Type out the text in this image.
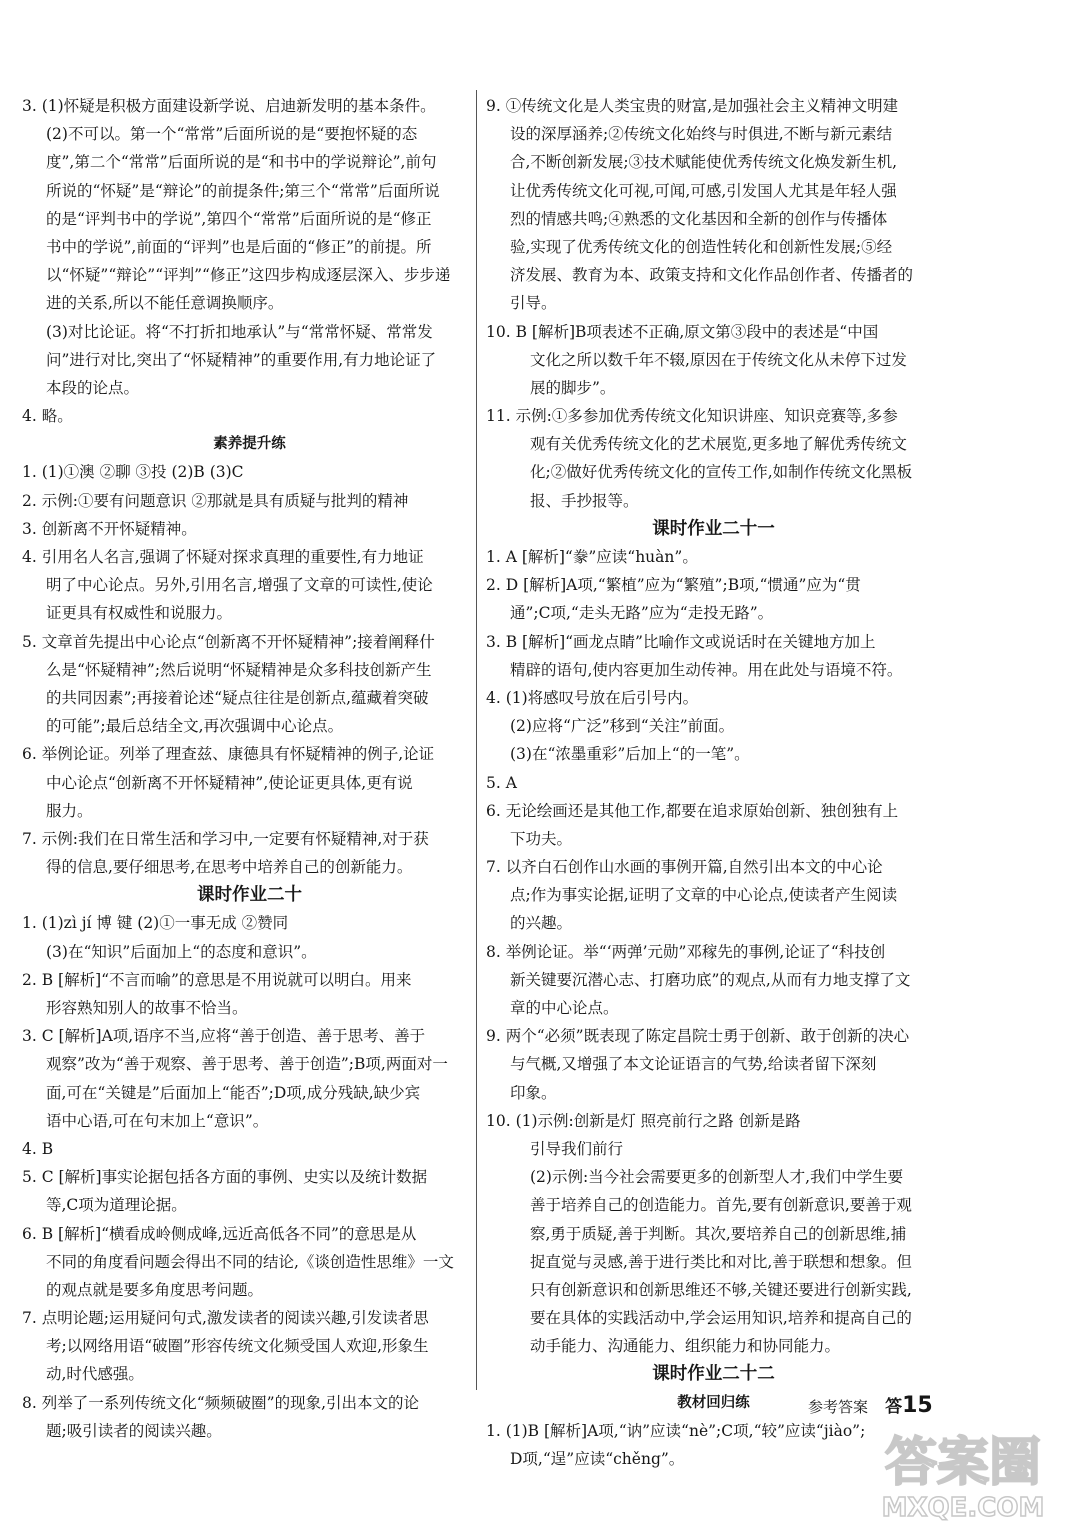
3. (1)怀疑是积极方面建设新学说、启迪新发明的基本条件。
(2)不可以。第一个“常常”后面所说的是“要抱怀疑的态
度”,第二个“常常”后面所说的是“和书中的学说辩论”,前句
所说的“怀疑”是“辩论”的前提条件;第三个“常常”后面所说
的是“评判书中的学说”,第四个“常常”后面所说的是“修正
书中的学说”,前面的“评判”也是后面的“修正”的前提。所
以“怀疑”“辩论”“评判”“修正”这四步构成逐层深入、步步递
进的关系,所以不能任意调换顺序。
(3)对比论证。将“不打折扣地承认”与“常常怀疑、常常发
问”进行对比,突出了“怀疑精神”的重要作用,有力地论证了
本段的论点。
4. 略。
素养提升练
1. (1)①澳 ②聊 ③投 (2)B (3)C
2. 示例:①要有问题意识 ②那就是具有质疑与批判的精神
3. 创新离不开怀疑精神。
4. 引用名人名言,强调了怀疑对探求真理的重要性,有力地证
明了中心论点。另外,引用名言,增强了文章的可读性,使论
证更具有权威性和说服力。
5. 文章首先提出中心论点“创新离不开怀疑精神”;接着阐释什
么是“怀疑精神”;然后说明“怀疑精神是众多科技创新产生
的共同因素”;再接着论述“疑点往往是创新点,蕴藏着突破
的可能”;最后总结全文,再次强调中心论点。
6. 举例论证。列举了理查兹、康德具有怀疑精神的例子,论证
中心论点“创新离不开怀疑精神”,使论证更具体,更有说
服力。
7. 示例:我们在日常生活和学习中,一定要有怀疑精神,对于获
得的信息,要仔细思考,在思考中培养自己的创新能力。
课时作业二十
1. (1)zì jí 博 键 (2)①一事无成 ②赞同
(3)在“知识”后面加上“的态度和意识”。
2. B [解析]“不言而喻”的意思是不用说就可以明白。用来
形容熟知别人的故事不恰当。
3. C [解析]A项,语序不当,应将“善于创造、善于思考、善于
观察”改为“善于观察、善于思考、善于创造”;B项,两面对一
面,可在“关键是”后面加上“能否”;D项,成分残缺,缺少宾
语中心语,可在句末加上“意识”。
4. B
5. C [解析]事实论据包括各方面的事例、史实以及统计数据
等,C项为道理论据。
6. B [解析]“横看成岭侧成峰,远近高低各不同”的意思是从
不同的角度看问题会得出不同的结论,《谈创造性思维》一文
的观点就是要多角度思考问题。
7. 点明论题;运用疑问句式,激发读者的阅读兴趣,引发读者思
考;以网络用语“破圈”形容传统文化频受国人欢迎,形象生
动,时代感强。
8. 列举了一系列传统文化“频频破圈”的现象,引出本文的论
题;吸引读者的阅读兴趣。
9. ①传统文化是人类宝贵的财富,是加强社会主义精神文明建
设的深厚涵养;②传统文化始终与时俱进,不断与新元素结
合,不断创新发展;③技术赋能使优秀传统文化焕发新生机,
让优秀传统文化可视,可闻,可感,引发国人尤其是年轻人强
烈的情感共鸣;④熟悉的文化基因和全新的创作与传播体
验,实现了优秀传统文化的创造性转化和创新性发展;⑤经
济发展、教育为本、政策支持和文化作品创作者、传播者的
引导。
10. B [解析]B项表述不正确,原文第③段中的表述是“中国
文化之所以数千年不辍,原因在于传统文化从未停下过发
展的脚步”。
11. 示例:①多参加优秀传统文化知识讲座、知识竞赛等,多参
观有关优秀传统文化的艺术展览,更多地了解优秀传统文
化;②做好优秀传统文化的宣传工作,如制作传统文化黑板
报、手抄报等。
课时作业二十一
1. A [解析]“豢”应读“huàn”。
2. D [解析]A项,“繁植”应为“繁殖”;B项,“惯通”应为“贯
通”;C项,“走头无路”应为“走投无路”。
3. B [解析]“画龙点睛”比喻作文或说话时在关键地方加上
精辟的语句,使内容更加生动传神。用在此处与语境不符。
4. (1)将感叹号放在后引号内。
(2)应将“广泛”移到“关注”前面。
(3)在“浓墨重彩”后加上“的一笔”。
5. A
6. 无论绘画还是其他工作,都要在追求原始创新、独创独有上
下功夫。
7. 以齐白石创作山水画的事例开篇,自然引出本文的中心论
点;作为事实论据,证明了文章的中心论点,使读者产生阅读
的兴趣。
8. 举例论证。举“‘两弹’元勋”邓稼先的事例,论证了“科技创
新关键要沉潜心志、打磨功底”的观点,从而有力地支撑了文
章的中心论点。
9. 两个“必须”既表现了陈定昌院士勇于创新、敢于创新的决心
与气概,又增强了本文论证语言的气势,给读者留下深刻
印象。
10. (1)示例:创新是灯 照亮前行之路 创新是路
引导我们前行
(2)示例:当今社会需要更多的创新型人才,我们中学生要
善于培养自己的创造能力。首先,要有创新意识,要善于观
察,勇于质疑,善于判断。其次,要培养自己的创新思维,捕
捉直觉与灵感,善于进行类比和对比,善于联想和想象。但
只有创新意识和创新思维还不够,关键还要进行创新实践,
要在具体的实践活动中,学会运用知识,培养和提高自己的
动手能力、沟通能力、组织能力和协同能力。
课时作业二十二
教材回归练
1. (1)B [解析]A项,“讷”应读“nè”;C项,“较”应读“jiào”;
D项,“逞”应读“chěng”。
参考答案 答15
答案圈
MXQE.COM
